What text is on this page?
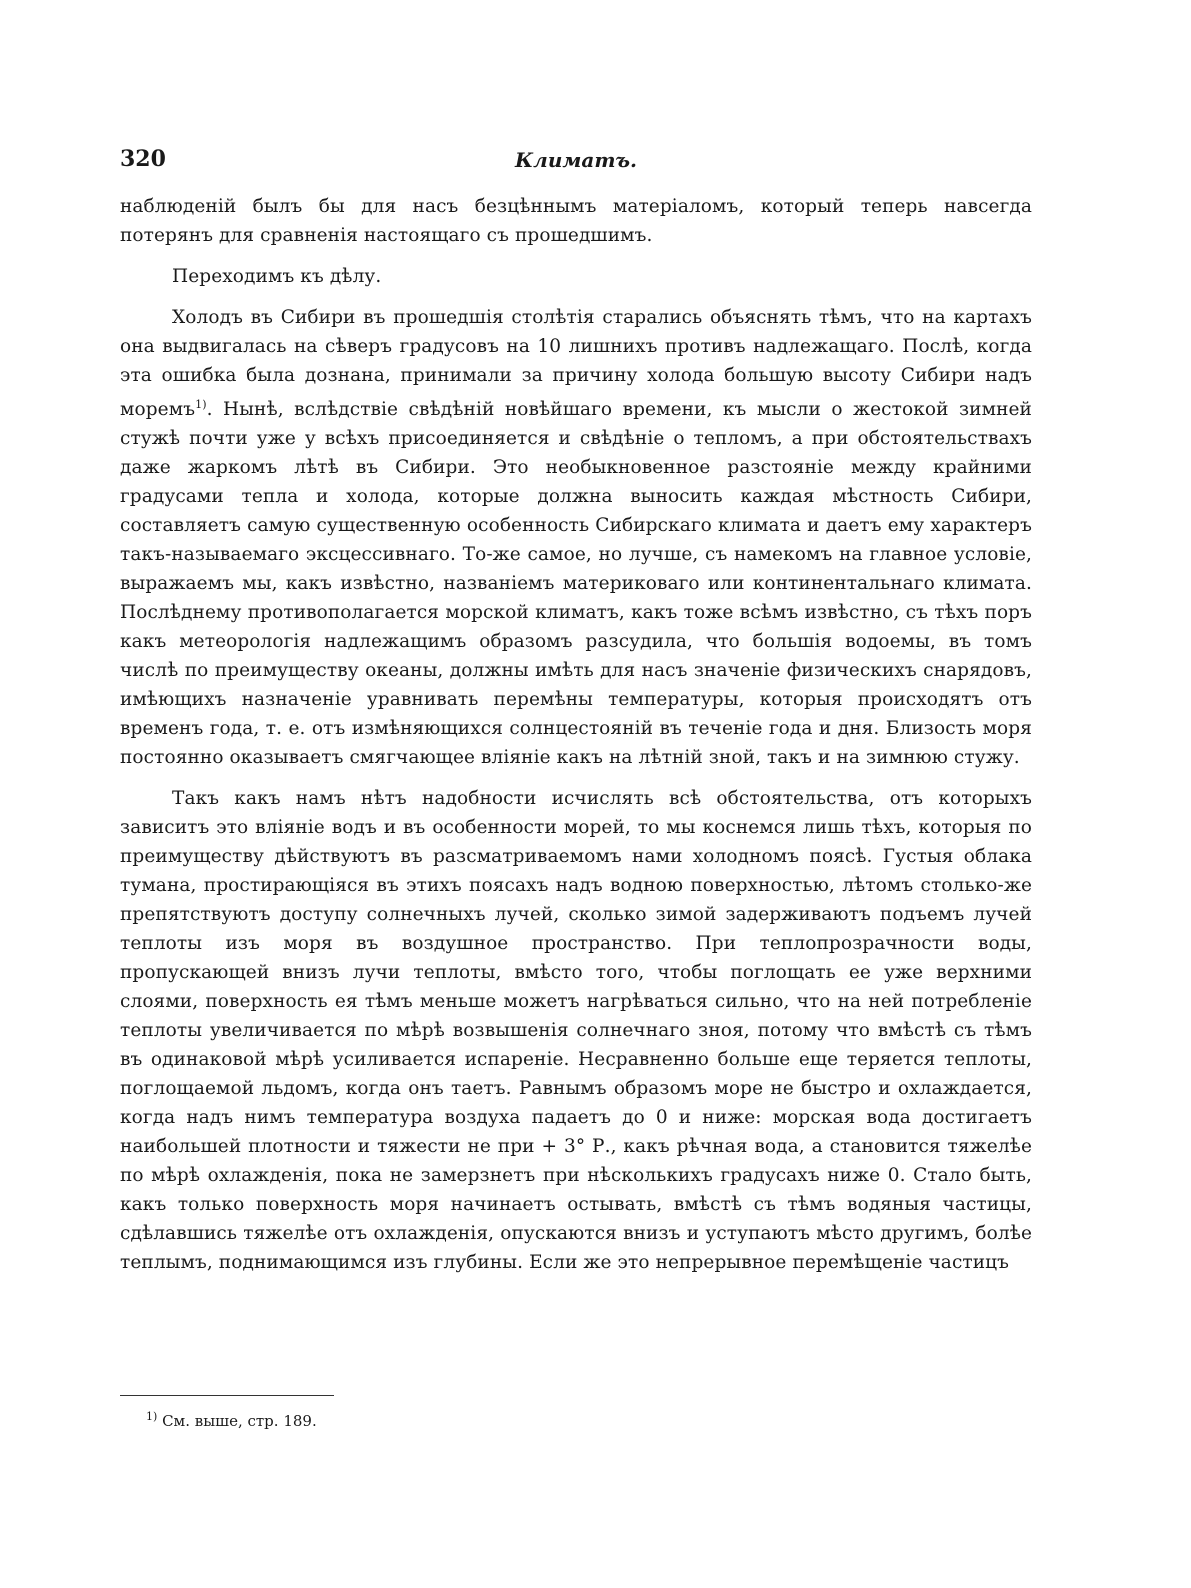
320	Климатъ.

наблюденій былъ бы для насъ безцѣннымъ матеріаломъ, который теперь навсегда потерянъ для сравненія настоящаго съ прошедшимъ.

Переходимъ къ дѣлу.

Холодъ въ Сибири въ прошедшія столѣтія старались объяснять тѣмъ, что на картахъ она выдвигалась на сѣверъ градусовъ на 10 лишнихъ противъ надлежащаго. Послѣ, когда эта ошибка была дознана, принимали за причину холода большую высоту Сибири надъ моремъ$^{1)}$. Нынѣ, вслѣдствіе свѣдѣній новѣйшаго времени, къ мысли о жестокой зимней стужѣ почти уже у всѣхъ присоединяется и свѣдѣніе о тепломъ, а при обстоятельствахъ даже жаркомъ лѣтѣ въ Сибири. Это необыкновенное разстояніе между крайними градусами тепла и холода, которые должна выносить каждая мѣстность Сибири, составляетъ самую существенную особенность Сибирскаго климата и даетъ ему характеръ такъ-называемаго эксцессивнаго. То-же самое, но лучше, съ намекомъ на главное условіе, выражаемъ мы, какъ извѣстно, названіемъ материковаго или континентальнаго климата. Послѣднему противополагается морской климатъ, какъ тоже всѣмъ извѣстно, съ тѣхъ поръ какъ метеорологія надлежащимъ образомъ разсудила, что большія водоемы, въ томъ числѣ по преимуществу океаны, должны имѣть для насъ значеніе физическихъ снарядовъ, имѣющихъ назначеніе уравнивать перемѣны температуры, которыя происходятъ отъ временъ года, т. е. отъ измѣняющихся солнцестояній въ теченіе года и дня. Близость моря постоянно оказываетъ смягчающее вліяніе какъ на лѣтній зной, такъ и на зимнюю стужу.

Такъ какъ намъ нѣтъ надобности исчислять всѣ обстоятельства, отъ которыхъ зависитъ это вліяніе водъ и въ особенности морей, то мы коснемся лишь тѣхъ, которыя по преимуществу дѣйствуютъ въ разсматриваемомъ нами холодномъ поясѣ. Густыя облака тумана, простирающіяся въ этихъ поясахъ надъ водною поверхностью, лѣтомъ столько-же препятствуютъ доступу солнечныхъ лучей, сколько зимой задерживаютъ подъемъ лучей теплоты изъ моря въ воздушное пространство. При теплопрозрачности воды, пропускающей внизъ лучи теплоты, вмѣсто того, чтобы поглощать ее уже верхними слоями, поверхность ея тѣмъ меньше можетъ нагрѣваться сильно, что на ней потребленіе теплоты увеличивается по мѣрѣ возвышенія солнечнаго зноя, потому что вмѣстѣ съ тѣмъ въ одинаковой мѣрѣ усиливается испареніе. Несравненно больше еще теряется теплоты, поглощаемой льдомъ, когда онъ таетъ. Равнымъ образомъ море не быстро и охлаждается, когда надъ нимъ температура воздуха падаетъ до 0 и ниже: морская вода достигаетъ наибольшей плотности и тяжести не при + 3° Р., какъ рѣчная вода, а становится тяжелѣе по мѣрѣ охлажденія, пока не замерзнетъ при нѣсколькихъ градусахъ ниже 0. Стало быть, какъ только поверхность моря начинаетъ остывать, вмѣстѣ съ тѣмъ водяныя частицы, сдѣлавшись тяжелѣе отъ охлажденія, опускаются внизъ и уступаютъ мѣсто другимъ, болѣе теплымъ, поднимающимся изъ глубины. Если же это непрерывное перемѣщеніе частицъ

$^{1)}$ См. выше, стр. 189.
